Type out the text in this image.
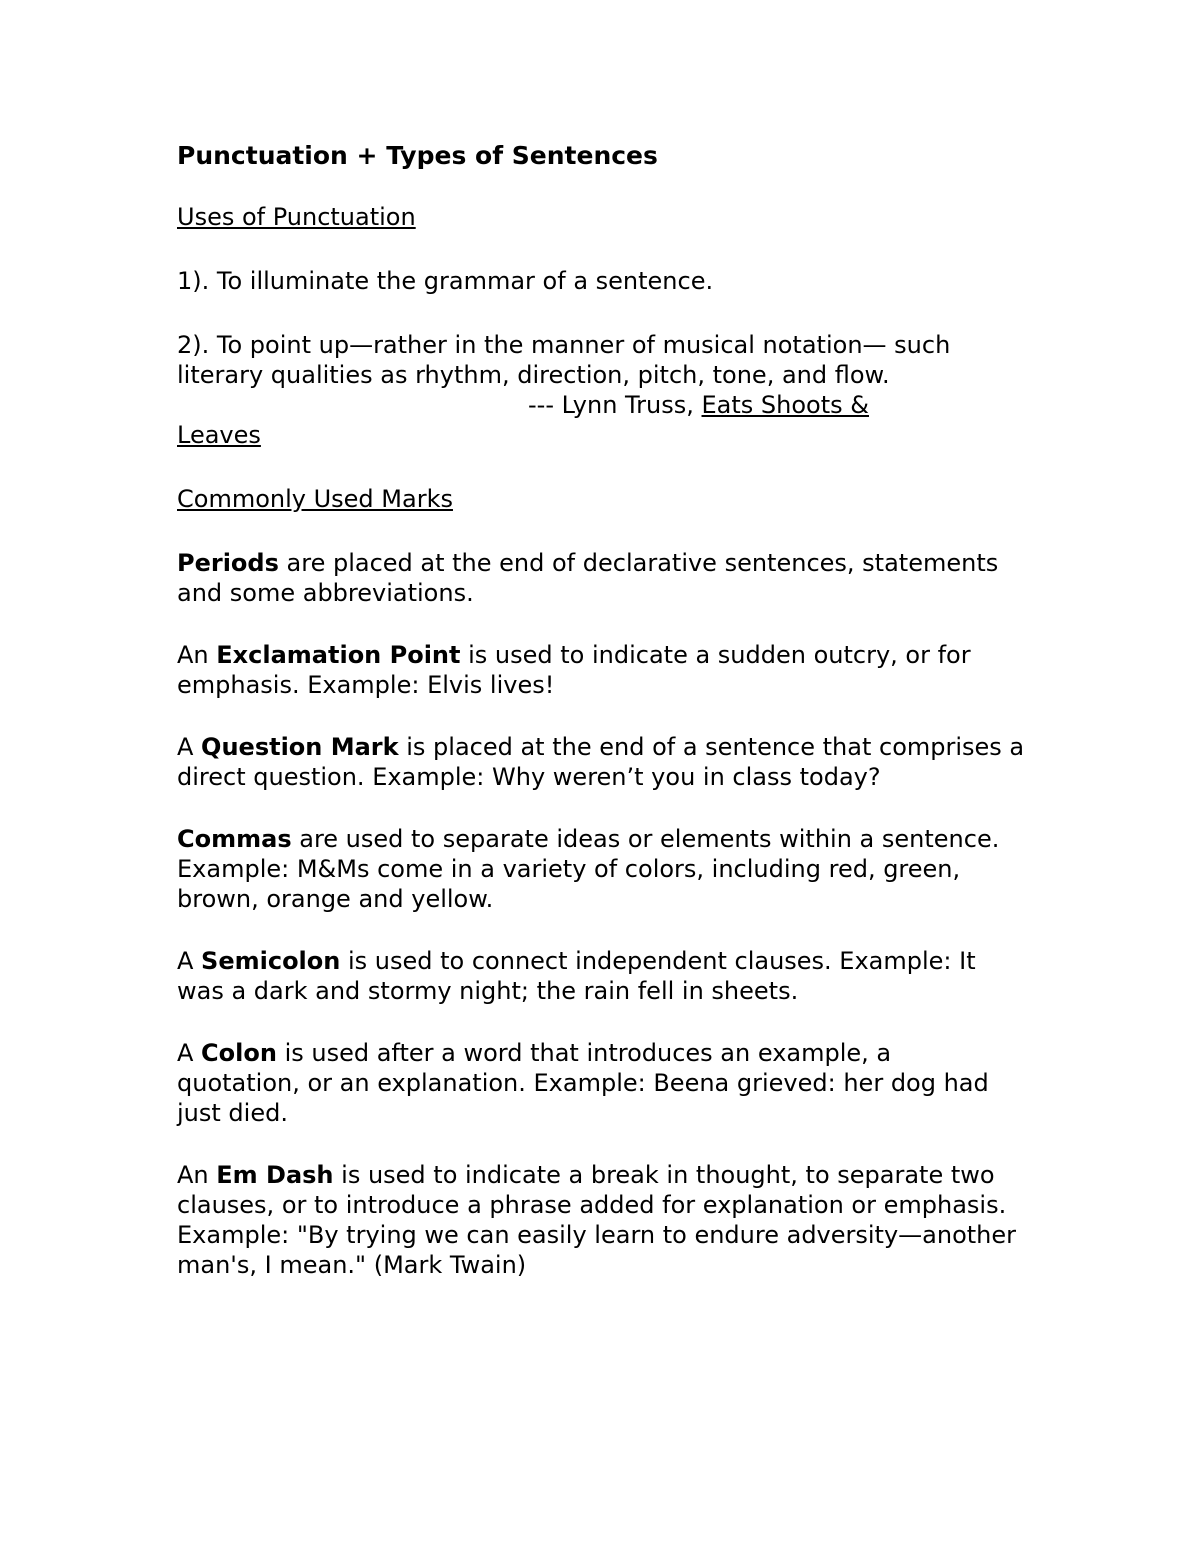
Punctuation + Types of Sentences

Uses of Punctuation

1). To illuminate the grammar of a sentence.

2). To point up—rather in the manner of musical notation— such literary qualities as rhythm, direction, pitch, tone, and flow.

--- Lynn Truss, Eats Shoots &

Leaves

Commonly Used Marks

Periods are placed at the end of declarative sentences, statements and some abbreviations.

An Exclamation Point is used to indicate a sudden outcry, or for emphasis. Example: Elvis lives!

A Question Mark is placed at the end of a sentence that comprises a direct question. Example: Why weren’t you in class today?

Commas are used to separate ideas or elements within a sentence. Example: M&Ms come in a variety of colors, including red, green, brown, orange and yellow.

A Semicolon is used to connect independent clauses. Example: It was a dark and stormy night; the rain fell in sheets.

A Colon is used after a word that introduces an example, a quotation, or an explanation. Example: Beena grieved: her dog had just died.

An Em Dash is used to indicate a break in thought, to separate two clauses, or to introduce a phrase added for explanation or emphasis. Example: "By trying we can easily learn to endure adversity—another man's, I mean." (Mark Twain)
